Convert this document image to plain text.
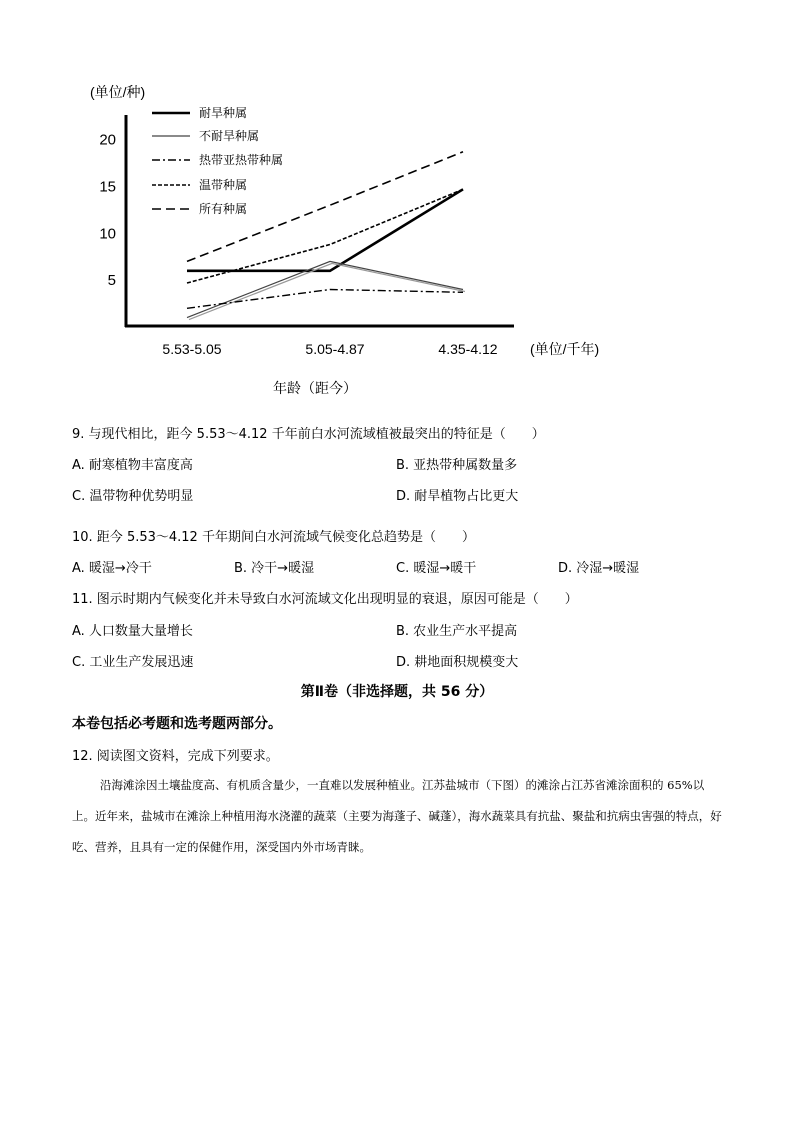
(单位/种)
5
10
15
20
5.53-5.05	5.05-4.87	4.35-4.12 (单位/千年)
年龄（距今）
耐旱种属
不耐旱种属
热带亚热带种属
温带种属
所有种属
9. 与现代相比，距今 5.53～4.12 千年前白水河流域植被最突出的特征是（　　）
A. 耐寒植物丰富度高	B. 亚热带种属数量多
C. 温带物种优势明显	D. 耐旱植物占比更大
10. 距今 5.53～4.12 千年期间白水河流域气候变化总趋势是（　　）
A. 暖湿→冷干	B. 冷干→暖湿	C. 暖湿→暖干	D. 冷湿→暖湿
11. 图示时期内气候变化并未导致白水河流域文化出现明显的衰退，原因可能是（　　）
A. 人口数量大量增长	B. 农业生产水平提高
C. 工业生产发展迅速	D. 耕地面积规模变大
第Ⅱ卷（非选择题，共 56 分）
本卷包括必考题和选考题两部分。
12. 阅读图文资料，完成下列要求。
沿海滩涂因土壤盐度高、有机质含量少，一直难以发展种植业。江苏盐城市（下图）的滩涂占江苏省滩涂面积的 65%以上。近年来，盐城市在滩涂上种植用海水浇灌的蔬菜（主要为海蓬子、碱蓬），海水蔬菜具有抗盐、聚盐和抗病虫害强的特点，好吃、营养，且具有一定的保健作用，深受国内外市场青睐。
